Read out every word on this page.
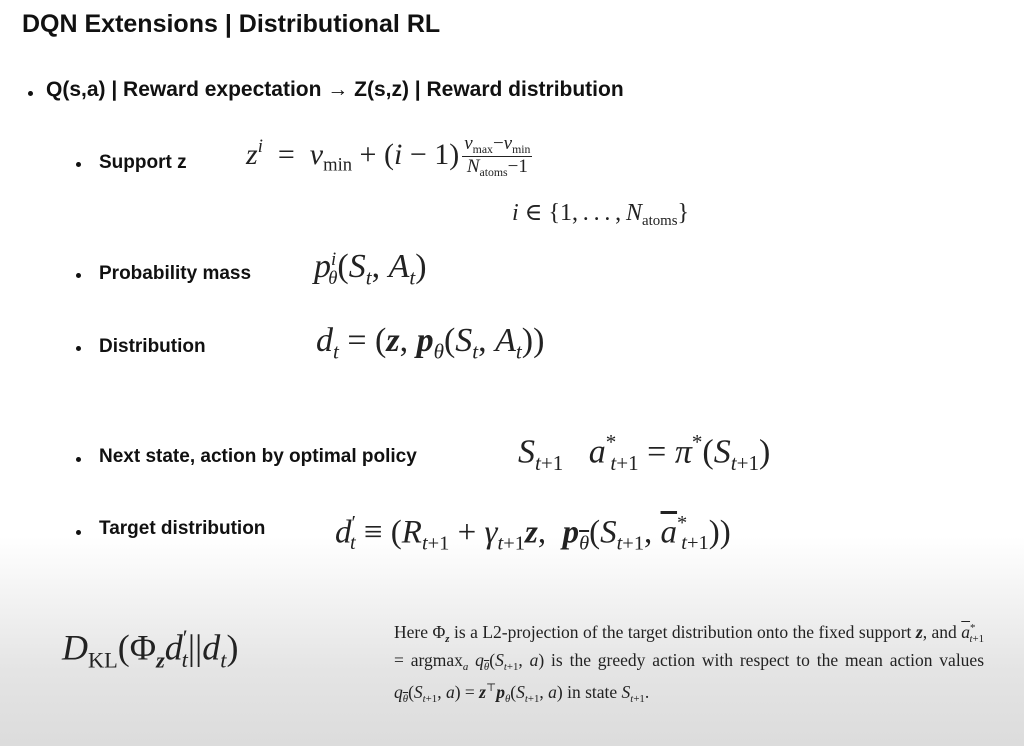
DQN Extensions | Distributional RL
Q(s,a) | Reward expectation → Z(s,z) | Reward distribution
Support z $z^i = v_{min} + (i - 1) \frac{v_{max}-v_{min}}{N_{atoms}-1}$
i ∈ {1, . . . , $N_{atoms}$}
Probability mass $p^i_\theta(S_t$, $A_t$)
Distribution	$d_t = (z$, $p_\theta(S_t$, $A_t$))
Next state, action by optimal policy	$S_{t+1}$ $a^*_{t+1} = \pi^*(S_{t+1})$
Target distribution $d'_t \equiv (R_{t+1} + \gamma_{t+1}z$,  $p_{\overline{\theta}}(S_{t+1}$, $\overline{a}^*_{t+1}$))
$D_{KL}(\Phi_zd'_t||d_t)$	Here $\Phi_z$ is a L2-projection of the target distribution onto the fixed support z, and $\overline{a}^*_{t+1} = argmax_a$ $q_{\overline{\theta}}(S_{t+1}$, a) is the greedy action with respect to the mean action values $q_{\overline{\theta}}(S_{t+1}$, $a) = z^⊤p_\theta(S_{t+1}$, a) in state $S_{t+1}$.
